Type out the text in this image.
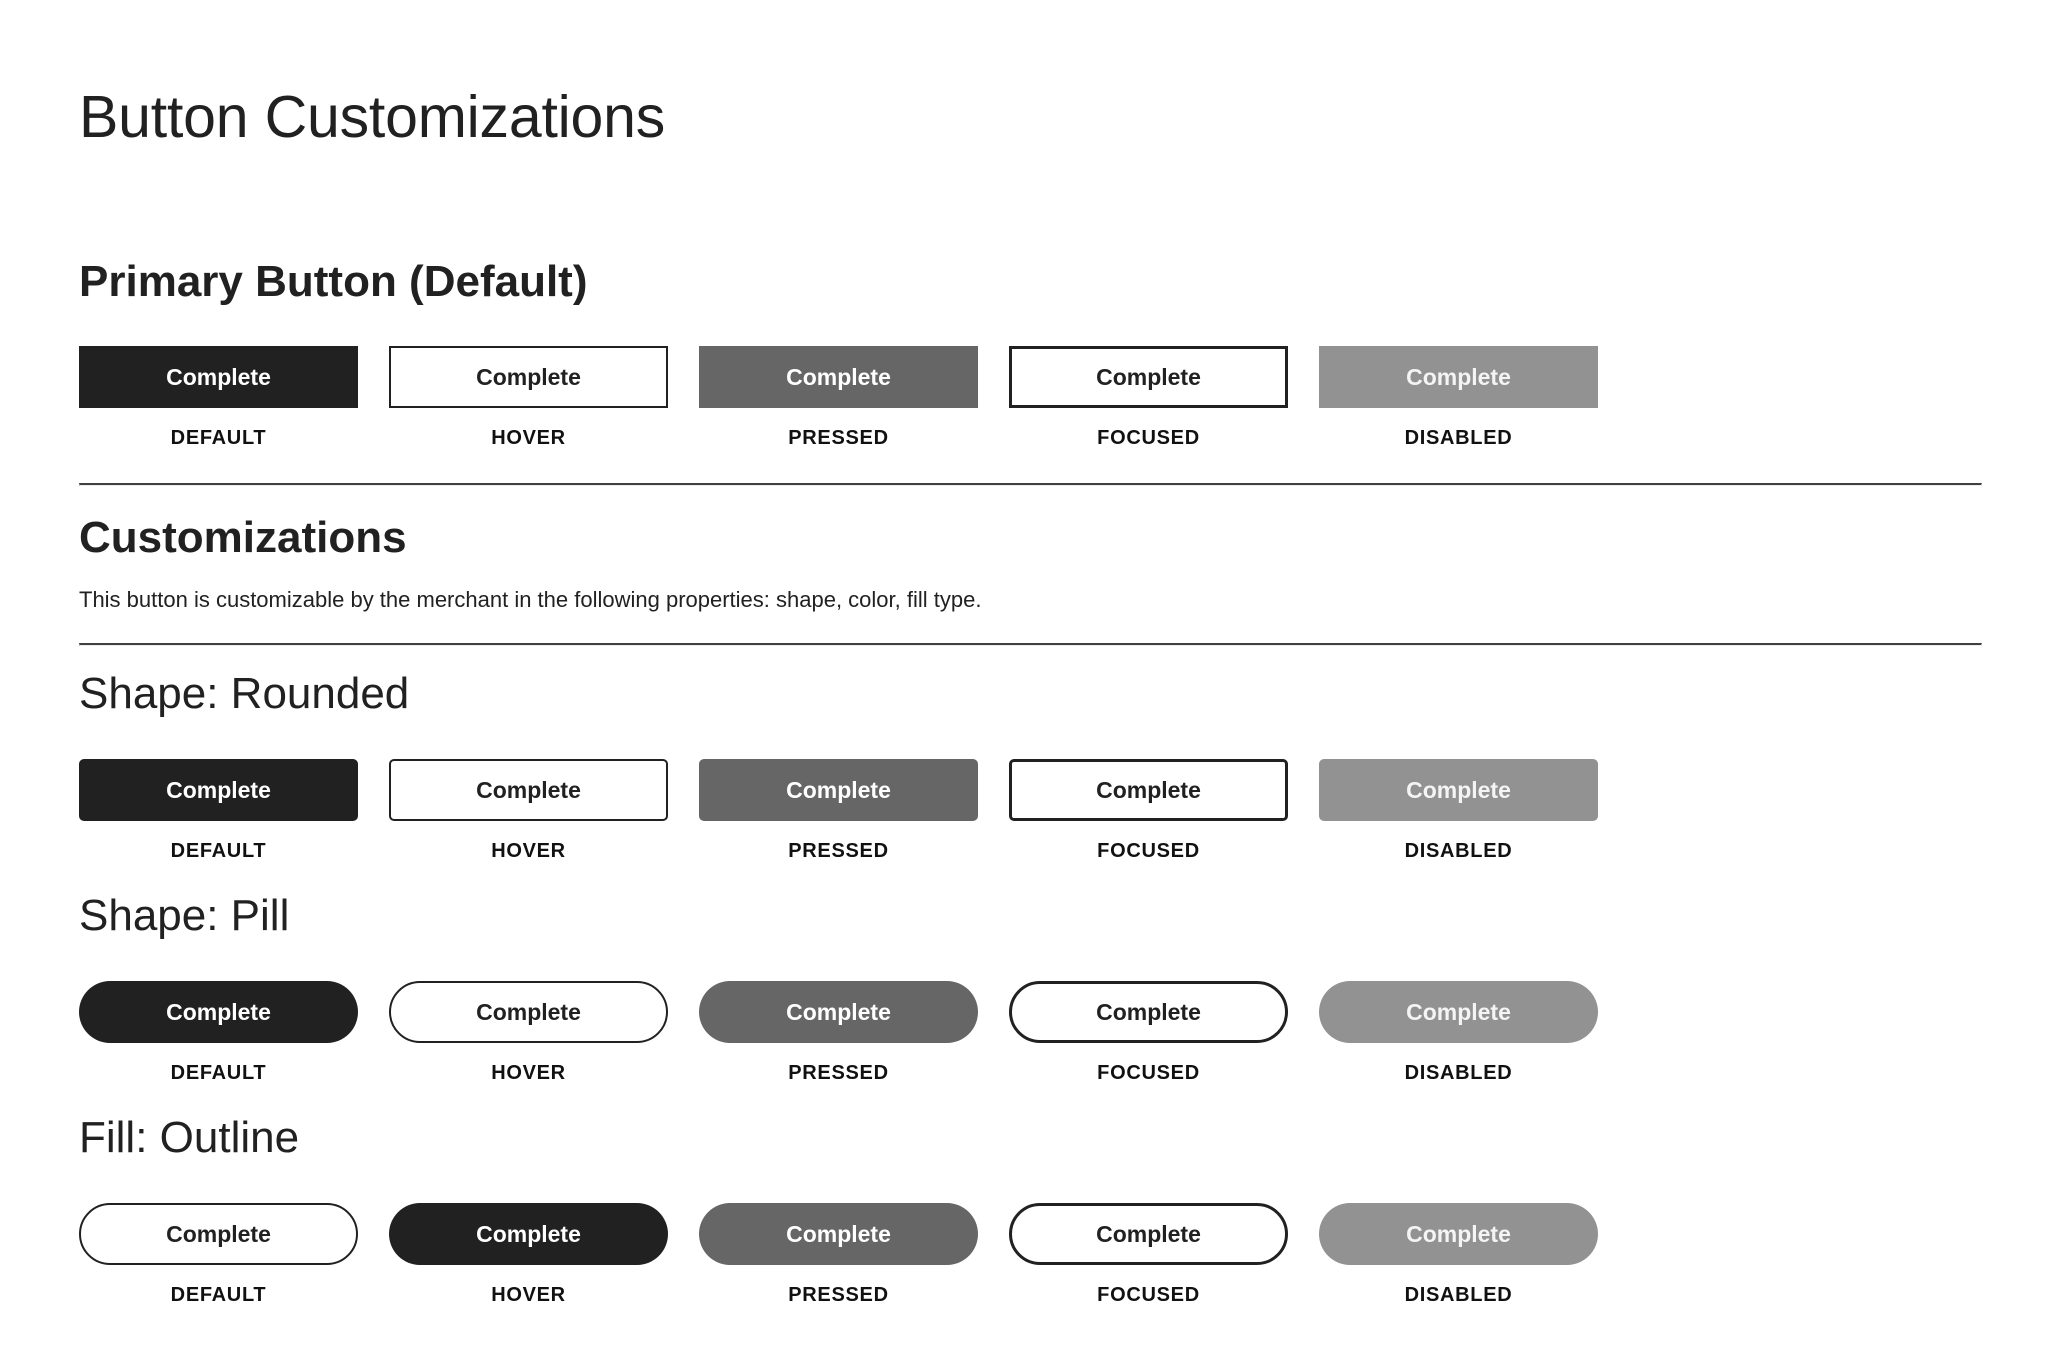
Button Customizations
Primary Button (Default)
Complete
DEFAULT
Complete
HOVER
Complete
PRESSED
Complete
FOCUSED
Complete
DISABLED
Customizations

This button is customizable by the merchant in the following properties: shape, color, fill type.

Shape: Rounded
Complete
DEFAULT
Complete
HOVER
Complete
PRESSED
Complete
FOCUSED
Complete
DISABLED
Shape: Pill
Complete
DEFAULT
Complete
HOVER
Complete
PRESSED
Complete
FOCUSED
Complete
DISABLED
Fill: Outline
Complete
DEFAULT
Complete
HOVER
Complete
PRESSED
Complete
FOCUSED
Complete
DISABLED
